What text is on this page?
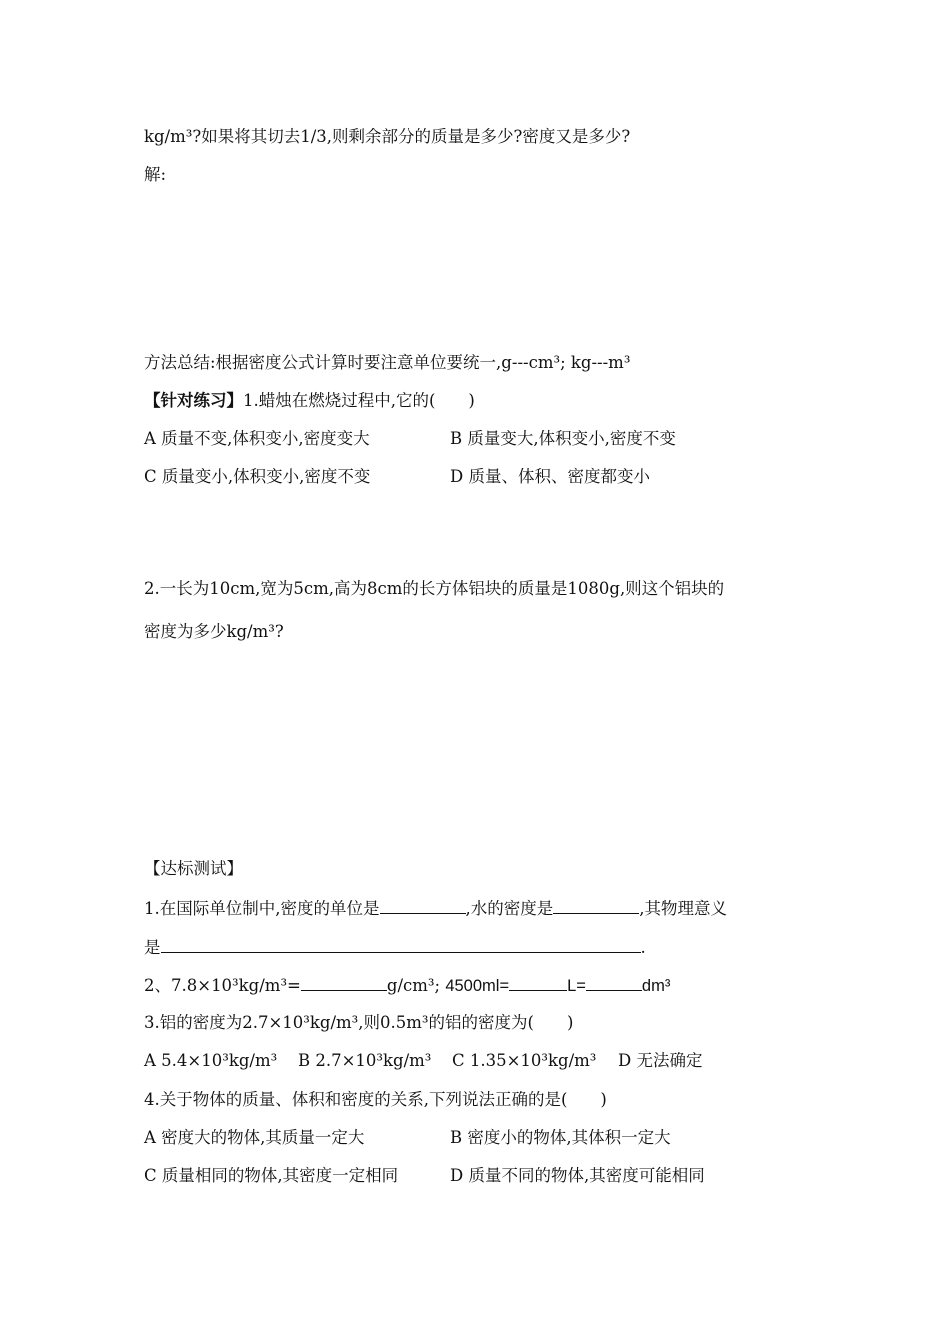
kg/m³?如果将其切去1/3,则剩余部分的质量是多少?密度又是多少?
解:
方法总结:根据密度公式计算时要注意单位要统一,g---cm³; kg---m³
【针对练习】1.蜡烛在燃烧过程中,它的(　　)
A 质量不变,体积变小,密度变大	B 质量变大,体积变小,密度不变
C 质量变小,体积变小,密度不变	D 质量、体积、密度都变小
2.一长为10cm,宽为5cm,高为8cm的长方体铝块的质量是1080g,则这个铝块的
密度为多少kg/m³?
【达标测试】
1.在国际单位制中,密度的单位是	,水的密度是	,其物理意义
是	.
2、7.8×10³kg/m³=	g/cm³; 4500ml=	L=	dm³
3.铝的密度为2.7×10³kg/m³,则0.5m³的铝的密度为(　　)
A 5.4×10³kg/m³ B 2.7×10³kg/m³ C 1.35×10³kg/m³ D 无法确定
4.关于物体的质量、体积和密度的关系,下列说法正确的是(　　)
A 密度大的物体,其质量一定大	B 密度小的物体,其体积一定大
C 质量相同的物体,其密度一定相同	D 质量不同的物体,其密度可能相同
